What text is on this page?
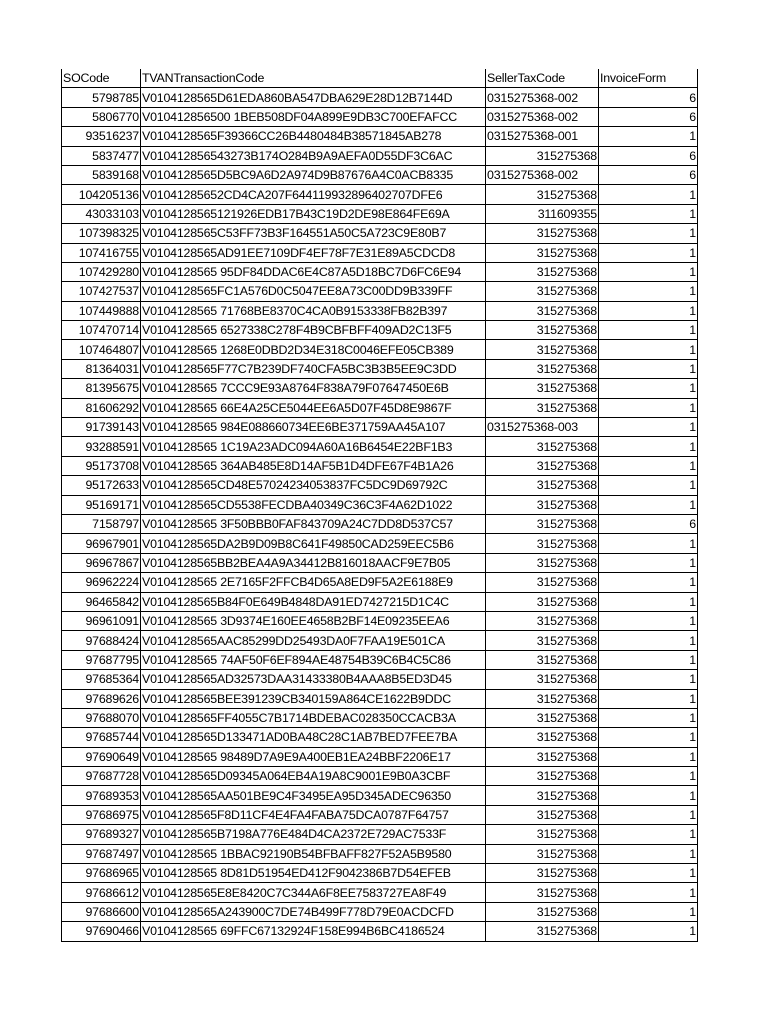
SOCode	TVANTransactionCode	SellerTaxCode	InvoiceForm
5798785	V0104128565D61EDA860BA547DBA629E28D12B7144D	0315275368-002	6
5806770	V010412856500 1BEB508DF04A899E9DB3C700EFAFCC	0315275368-002	6
93516237	V0104128565F39366CC26B4480484B38571845AB278	0315275368-001	1
5837477	V010412856543273B174O284B9A9AEFA0D55DF3C6AC	315275368	6
5839168	V0104128565D5BC9A6D2A974D9B87676A4C0ACB8335	0315275368-002	6
104205136	V01041285652CD4CA207F644119932896402707DFE6	315275368	1
43033103	V0104128565121926EDB17B43C19D2DE98E864FE69A	311609355	1
107398325	V0104128565C53FF73B3F164551A50C5A723C9E80B7	315275368	1
107416755	V0104128565AD91EE7109DF4EF78F7E31E89A5CDCD8	315275368	1
107429280	V0104128565 95DF84DDAC6E4C87A5D18BC7D6FC6E94	315275368	1
107427537	V0104128565FC1A576D0C5047EE8A73C00DD9B339FF	315275368	1
107449888	V0104128565 71768BE8370C4CA0B9153338FB82B397	315275368	1
107470714	V0104128565 6527338C278F4B9CBFBFF409AD2C13F5	315275368	1
107464807	V0104128565 1268E0DBD2D34E318C0046EFE05CB389	315275368	1
81364031	V0104128565F77C7B239DF740CFA5BC3B3B5EE9C3DD	315275368	1
81395675	V0104128565 7CCC9E93A8764F838A79F07647450E6B	315275368	1
81606292	V0104128565 66E4A25CE5044EE6A5D07F45D8E9867F	315275368	1
91739143	V0104128565 984E088660734EE6BE371759AA45A107	0315275368-003	1
93288591	V0104128565 1C19A23ADC094A60A16B6454E22BF1B3	315275368	1
95173708	V0104128565 364AB485E8D14AF5B1D4DFE67F4B1A26	315275368	1
95172633	V0104128565CD48E57024234053837FC5DC9D69792C	315275368	1
95169171	V0104128565CD5538FECDBA40349C36C3F4A62D1022	315275368	1
7158797	V0104128565 3F50BBB0FAF843709A24C7DD8D537C57	315275368	6
96967901	V0104128565DA2B9D09B8C641F49850CAD259EEC5B6	315275368	1
96967867	V0104128565BB2BEA4A9A34412B816018AACF9E7B05	315275368	1
96962224	V0104128565 2E7165F2FFCB4D65A8ED9F5A2E6188E9	315275368	1
96465842	V0104128565B84F0E649B4848DA91ED7427215D1C4C	315275368	1
96961091	V0104128565 3D9374E160EE4658B2BF14E09235EEA6	315275368	1
97688424	V0104128565AAC85299DD25493DA0F7FAA19E501CA	315275368	1
97687795	V0104128565 74AF50F6EF894AE48754B39C6B4C5C86	315275368	1
97685364	V0104128565AD32573DAA31433380B4AAA8B5ED3D45	315275368	1
97689626	V0104128565BEE391239CB340159A864CE1622B9DDC	315275368	1
97688070	V0104128565FF4055C7B1714BDEBAC028350CCACB3A	315275368	1
97685744	V0104128565D133471AD0BA48C28C1AB7BED7FEE7BA	315275368	1
97690649	V0104128565 98489D7A9E9A400EB1EA24BBF2206E17	315275368	1
97687728	V0104128565D09345A064EB4A19A8C9001E9B0A3CBF	315275368	1
97689353	V0104128565AA501BE9C4F3495EA95D345ADEC96350	315275368	1
97686975	V0104128565F8D11CF4E4FA4FABA75DCA0787F64757	315275368	1
97689327	V0104128565B7198A776E484D4CA2372E729AC7533F	315275368	1
97687497	V0104128565 1BBAC92190B54BFBAFF827F52A5B9580	315275368	1
97686965	V0104128565 8D81D51954ED412F9042386B7D54EFEB	315275368	1
97686612	V0104128565E8E8420C7C344A6F8EE7583727EA8F49	315275368	1
97686600	V0104128565A243900C7DE74B499F778D79E0ACDCFD	315275368	1
97690466	V0104128565 69FFC67132924F158E994B6BC4186524	315275368	1
